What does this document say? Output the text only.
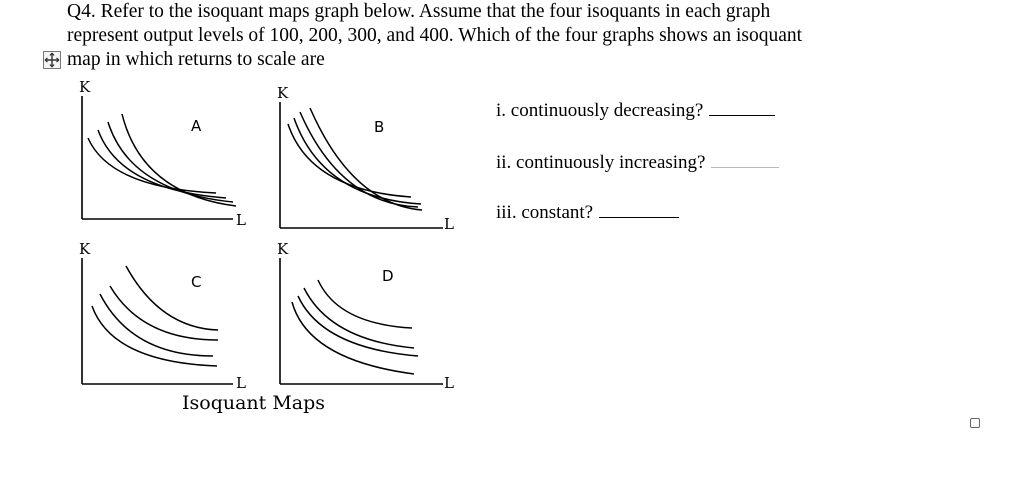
Q4. Refer to the isoquant maps graph below. Assume that the four isoquants in each graph
represent output levels of 100, 200, 300, and 400. Which of the four graphs shows an isoquant
map in which returns to scale are
K
L
A
K
L
B
K
L
C
K
L
D
Isoquant Maps
i. continuously decreasing?
ii. continuously increasing?
iii. constant?
